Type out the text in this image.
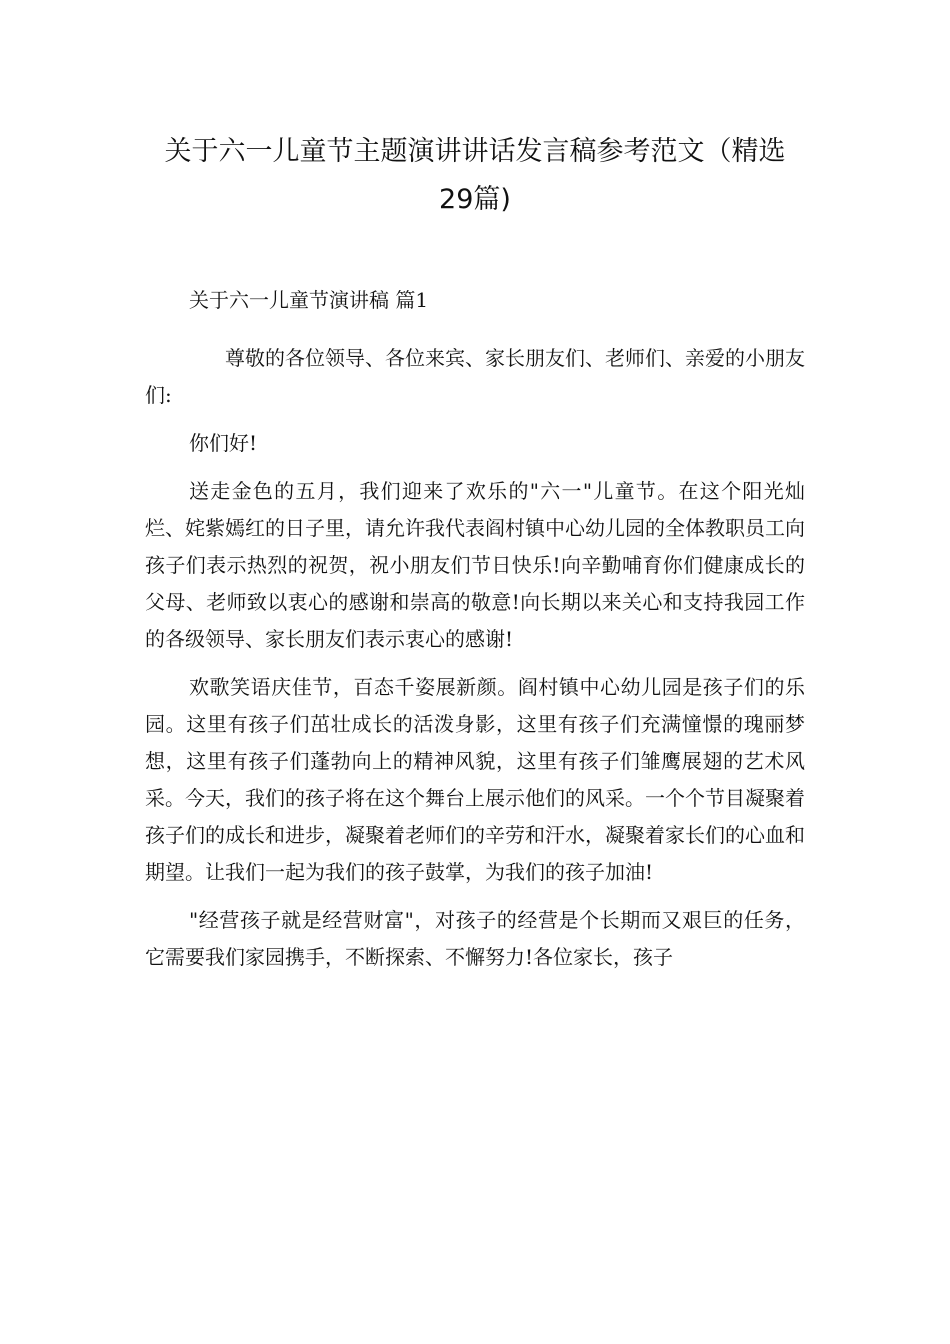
关于六一儿童节主题演讲讲话发言稿参考范文（精选
29篇)

关于六一儿童节演讲稿 篇1

尊敬的各位领导、各位来宾、家长朋友们、老师们、亲爱的小朋友们:

你们好!

送走金色的五月，我们迎来了欢乐的"六一"儿童节。在这个阳光灿烂、姹紫嫣红的日子里，请允许我代表阎村镇中心幼儿园的全体教职员工向孩子们表示热烈的祝贺，祝小朋友们节日快乐!向辛勤哺育你们健康成长的父母、老师致以衷心的感谢和崇高的敬意!向长期以来关心和支持我园工作的各级领导、家长朋友们表示衷心的感谢!

欢歌笑语庆佳节，百态千姿展新颜。阎村镇中心幼儿园是孩子们的乐园。这里有孩子们茁壮成长的活泼身影，这里有孩子们充满憧憬的瑰丽梦想，这里有孩子们蓬勃向上的精神风貌，这里有孩子们雏鹰展翅的艺术风采。今天，我们的孩子将在这个舞台上展示他们的风采。一个个节目凝聚着孩子们的成长和进步，凝聚着老师们的辛劳和汗水，凝聚着家长们的心血和期望。让我们一起为我们的孩子鼓掌，为我们的孩子加油!

"经营孩子就是经营财富"，对孩子的经营是个长期而又艰巨的任务，它需要我们家园携手，不断探索、不懈努力!各位家长，孩子
